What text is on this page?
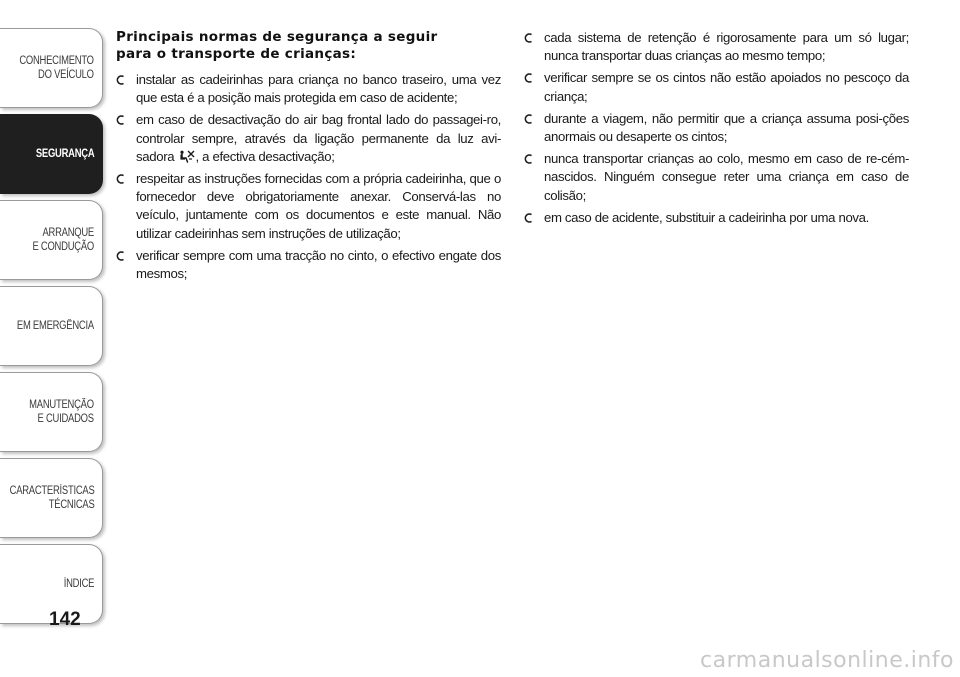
CONHECIMENTO
DO VEÍCULO
SEGURANÇA
ARRANQUE
E CONDUÇÃO
EM EMERGÊNCIA
MANUTENÇÃO
E CUIDADOS
CARACTERÍSTICAS
TÉCNICAS
ÍNDICE
142
Principais normas de segurança a seguir
para o transporte de crianças:
instalar as cadeirinhas para criança no banco traseiro, uma vez que esta é a posição mais protegida em caso de acidente;
em caso de desactivação do air bag frontal lado do passagei-ro, controlar sempre, através da ligação permanente da luz avi-sadora , a efectiva desactivação;
respeitar as instruções fornecidas com a própria cadeirinha, que o fornecedor deve obrigatoriamente anexar. Conservá-las no veículo, juntamente com os documentos e este manual. Não utilizar cadeirinhas sem instruções de utilização;
verificar sempre com uma tracção no cinto, o efectivo engate dos mesmos;
cada sistema de retenção é rigorosamente para um só lugar; nunca transportar duas crianças ao mesmo tempo;
verificar sempre se os cintos não estão apoiados no pescoço da criança;
durante a viagem, não permitir que a criança assuma posi-ções anormais ou desaperte os cintos;
nunca transportar crianças ao colo, mesmo em caso de re-cém-nascidos. Ninguém consegue reter uma criança em caso de colisão;
em caso de acidente, substituir a cadeirinha por uma nova.
carmanualsonline.info
